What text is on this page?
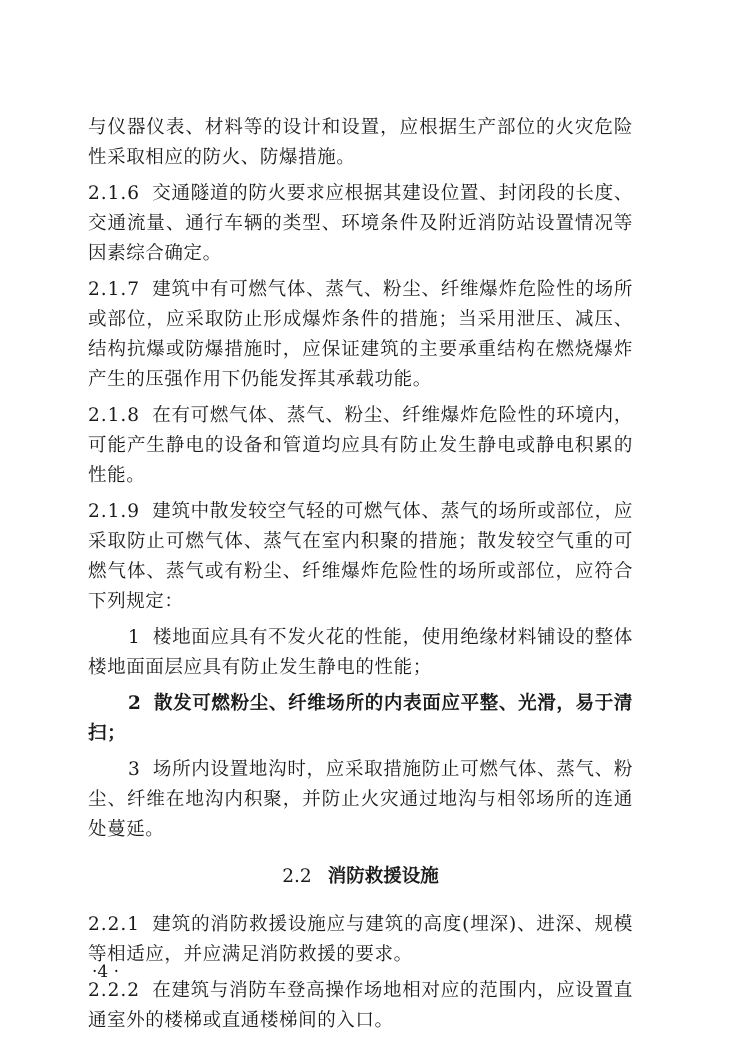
与仪器仪表、材料等的设计和设置，应根据生产部位的火灾危险性采取相应的防火、防爆措施。

2.1.6 交通隧道的防火要求应根据其建设位置、封闭段的长度、交通流量、通行车辆的类型、环境条件及附近消防站设置情况等因素综合确定。

2.1.7 建筑中有可燃气体、蒸气、粉尘、纤维爆炸危险性的场所或部位，应采取防止形成爆炸条件的措施；当采用泄压、减压、结构抗爆或防爆措施时，应保证建筑的主要承重结构在燃烧爆炸产生的压强作用下仍能发挥其承载功能。

2.1.8 在有可燃气体、蒸气、粉尘、纤维爆炸危险性的环境内，可能产生静电的设备和管道均应具有防止发生静电或静电积累的性能。

2.1.9 建筑中散发较空气轻的可燃气体、蒸气的场所或部位，应采取防止可燃气体、蒸气在室内积聚的措施；散发较空气重的可燃气体、蒸气或有粉尘、纤维爆炸危险性的场所或部位，应符合下列规定：

1 楼地面应具有不发火花的性能，使用绝缘材料铺设的整体楼地面面层应具有防止发生静电的性能；

2 散发可燃粉尘、纤维场所的内表面应平整、光滑，易于清扫；

3 场所内设置地沟时，应采取措施防止可燃气体、蒸气、粉尘、纤维在地沟内积聚，并防止火灾通过地沟与相邻场所的连通处蔓延。

2.2 消防救援设施

2.2.1 建筑的消防救援设施应与建筑的高度(埋深)、进深、规模等相适应，并应满足消防救援的要求。

2.2.2 在建筑与消防车登高操作场地相对应的范围内，应设置直通室外的楼梯或直通楼梯间的入口。

·4 ·
